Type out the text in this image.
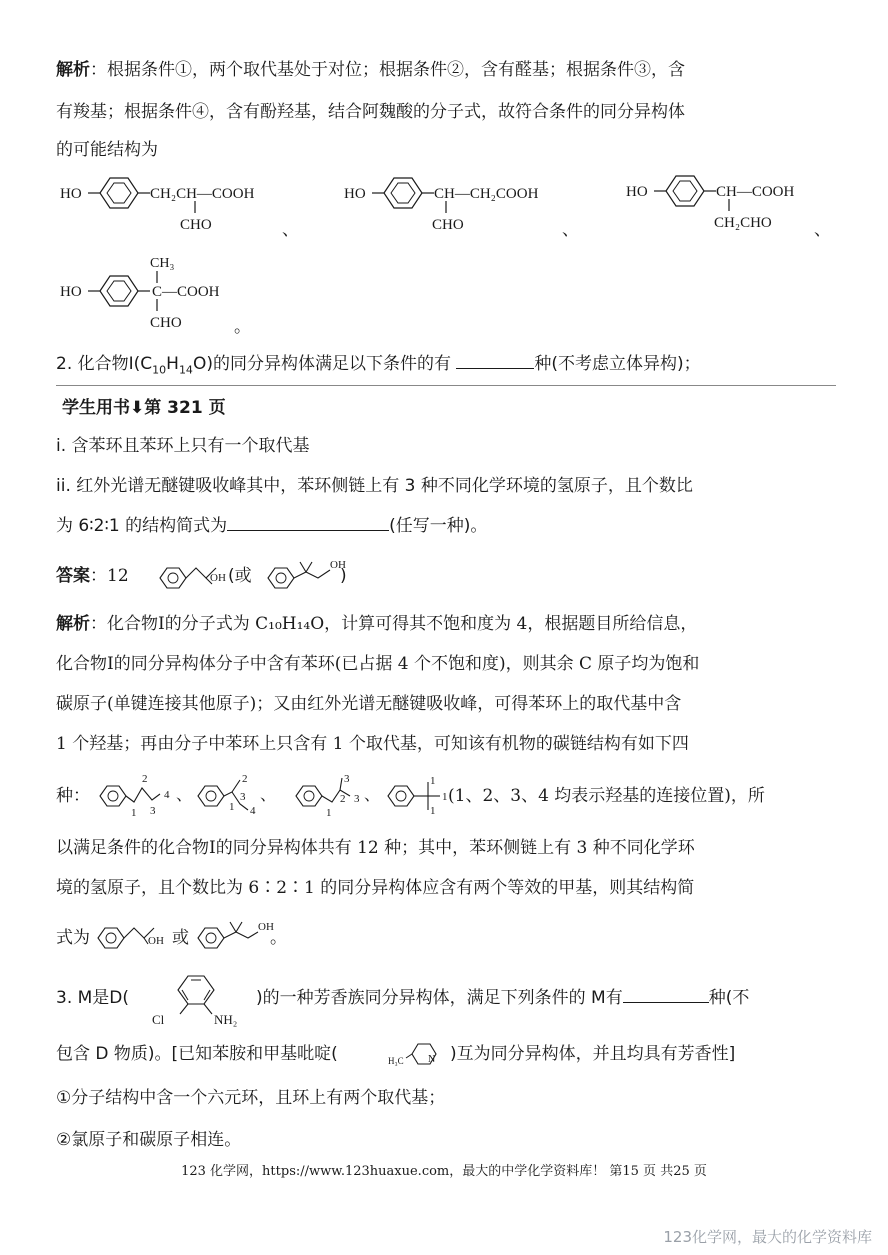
解析：根据条件①，两个取代基处于对位；根据条件②，含有醛基；根据条件③，含
有羧基；根据条件④，含有酚羟基，结合阿魏酸的分子式，故符合条件的同分异构体
的可能结构为
HO	CH₂CH—COOH
CHO	、
HO	CH—CH₂COOH
CHO	、
HO	CH—COOH
CH₂CHO 、
CH₃
HO	C—COOH
CHO	。
2. 化合物$I(C_{10}H_{14}O)$的同分异构体满足以下条件的有	种(不考虑立体异构)；
学生用书⬇第 321 页
i. 含苯环且苯环上只有一个取代基
ii. 红外光谱无醚键吸收峰其中，苯环侧链上有 3 种不同化学环境的氢原子，且个数比
为 6∶2∶1 的结构简式为	(任写一种)。
答案：12	OH (或
OH
)
解析：化合物I的分子式为 C₁₀H₁₄O，计算可得其不饱和度为 4，根据题目所给信息，
化合物I的同分异构体分子中含有苯环(已占据 4 个不饱和度)，则其余 C 原子均为饱和
碳原子(单键连接其他原子)；又由红外光谱无醚键吸收峰，可得苯环上的取代基中含
1 个羟基；再由分子中苯环上只含有 1 个取代基，可知该有机物的碳链结构有如下四
种：
1
2
3
4 、
1
2
3
4
、
1
2
3
3 、
1
1
1
(1、2、3、4 均表示羟基的连接位置)，所
以满足条件的化合物I的同分异构体共有 12 种；其中，苯环侧链上有 3 种不同化学环
境的氢原子，且个数比为 6∶2∶1 的同分异构体应含有两个等效的甲基，则其结构简
式为	OH 或
OH
。
3. M是D(
Cl	NH₂
)的一种芳香族同分异构体，满足下列条件的 M有	种(不
包含 D 物质)。[已知苯胺和甲基吡啶(	H₃C N )互为同分异构体，并且均具有芳香性]
①分子结构中含一个六元环，且环上有两个取代基；
②氯原子和碳原子相连。
123 化学网，https://www.123huaxue.com，最大的中学化学资料库！ 第15 页 共25 页
123化学网，最大的化学资料库
